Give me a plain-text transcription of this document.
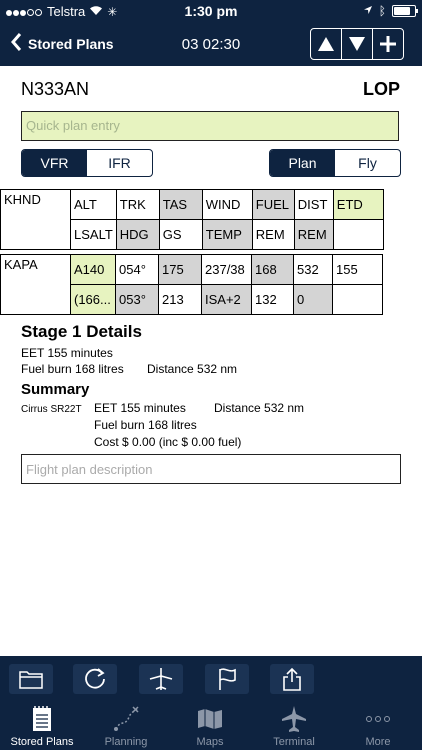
Telstra ✳	1:30 pm	ᛒ
Stored Plans	03 02:30
N333AN	LOP
Quick plan entry
VFR	IFR	Plan	Fly
KHND	ALT	TRK	TAS	WIND	FUEL	DIST	ETD
	LSALT	HDG	GS	TEMP	REM	REM	
KAPA	A140	054°	175	237/38	168	532	155
	(166...	053°	213	ISA+2	132	0	
Stage 1 Details
EET 155 minutes
Fuel burn 168 litres Distance 532 nm
Summary
Cirrus SR22T EET 155 minutes Distance 532 nm
Fuel burn 168 litres
Cost $ 0.00 (inc $ 0.00 fuel)
Flight plan description
Stored Plans	Planning	Maps	Terminal	More
